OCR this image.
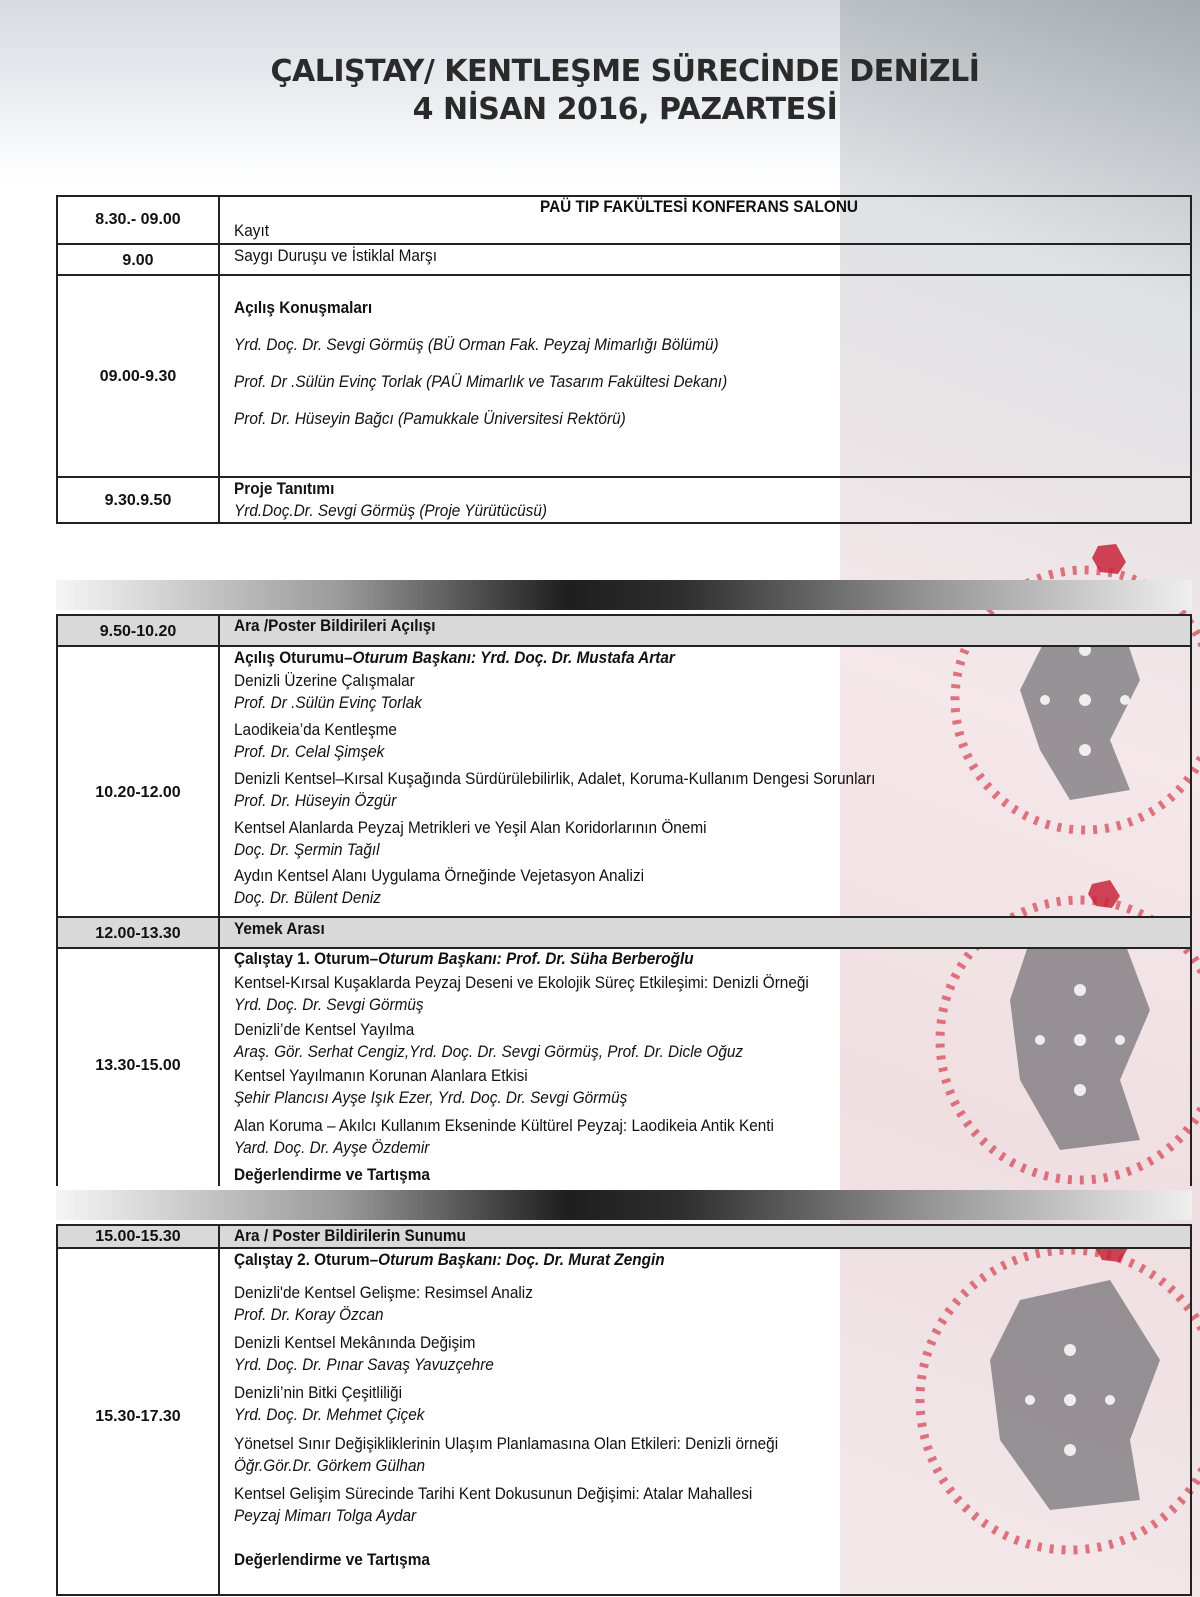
ÇALIŞTAY/ KENTLEŞME SÜRECİNDE DENİZLİ
4 NİSAN 2016, PAZARTESİ
PAÜ TIP FAKÜLTESİ KONFERANS SALONU
8.30.- 09.00
Kayıt
9.00	Saygı Duruşu ve İstiklal Marşı
09.00-9.30
Açılış Konuşmaları
Yrd. Doç. Dr. Sevgi Görmüş (BÜ Orman Fak. Peyzaj Mimarlığı Bölümü)
Prof. Dr .Sülün Evinç Torlak (PAÜ Mimarlık ve Tasarım Fakültesi Dekanı)
Prof. Dr. Hüseyin Bağcı (Pamukkale Üniversitesi Rektörü)
9.30.9.50
Proje Tanıtımı
Yrd.Doç.Dr. Sevgi Görmüş (Proje Yürütücüsü)
9.50-10.20	Ara /Poster Bildirileri Açılışı
10.20-12.00
Açılış Oturumu–Oturum Başkanı: Yrd. Doç. Dr. Mustafa Artar
Denizli Üzerine Çalışmalar
Prof. Dr .Sülün Evinç Torlak
Laodikeia’da Kentleşme
Prof. Dr. Celal Şimşek
Denizli Kentsel–Kırsal Kuşağında Sürdürülebilirlik, Adalet, Koruma-Kullanım Dengesi Sorunları
Prof. Dr. Hüseyin Özgür
Kentsel Alanlarda Peyzaj Metrikleri ve Yeşil Alan Koridorlarının Önemi
Doç. Dr. Şermin Tağıl
Aydın Kentsel Alanı Uygulama Örneğinde Vejetasyon Analizi
Doç. Dr. Bülent Deniz
12.00-13.30	Yemek Arası
13.30-15.00
Çalıştay 1. Oturum–Oturum Başkanı: Prof. Dr. Süha Berberoğlu
Kentsel-Kırsal Kuşaklarda Peyzaj Deseni ve Ekolojik Süreç Etkileşimi: Denizli Örneği
Yrd. Doç. Dr. Sevgi Görmüş
Denizli’de Kentsel Yayılma
Araş. Gör. Serhat Cengiz,Yrd. Doç. Dr. Sevgi Görmüş, Prof. Dr. Dicle Oğuz
Kentsel Yayılmanın Korunan Alanlara Etkisi
Şehir Plancısı Ayşe Işık Ezer, Yrd. Doç. Dr. Sevgi Görmüş
Alan Koruma – Akılcı Kullanım Ekseninde Kültürel Peyzaj: Laodikeia Antik Kenti
Yard. Doç. Dr. Ayşe Özdemir
Değerlendirme ve Tartışma
15.00-15.30	Ara / Poster Bildirilerin Sunumu
15.30-17.30
Çalıştay 2. Oturum–Oturum Başkanı: Doç. Dr. Murat Zengin
Denizli'de Kentsel Gelişme: Resimsel Analiz
Prof. Dr. Koray Özcan
Denizli Kentsel Mekânında Değişim
Yrd. Doç. Dr. Pınar Savaş Yavuzçehre
Denizli’nin Bitki Çeşitliliği
Yrd. Doç. Dr. Mehmet Çiçek
Yönetsel Sınır Değişikliklerinin Ulaşım Planlamasına Olan Etkileri: Denizli örneği
Öğr.Gör.Dr. Görkem Gülhan
Kentsel Gelişim Sürecinde Tarihi Kent Dokusunun Değişimi: Atalar Mahallesi
Peyzaj Mimarı Tolga Aydar
Değerlendirme ve Tartışma
